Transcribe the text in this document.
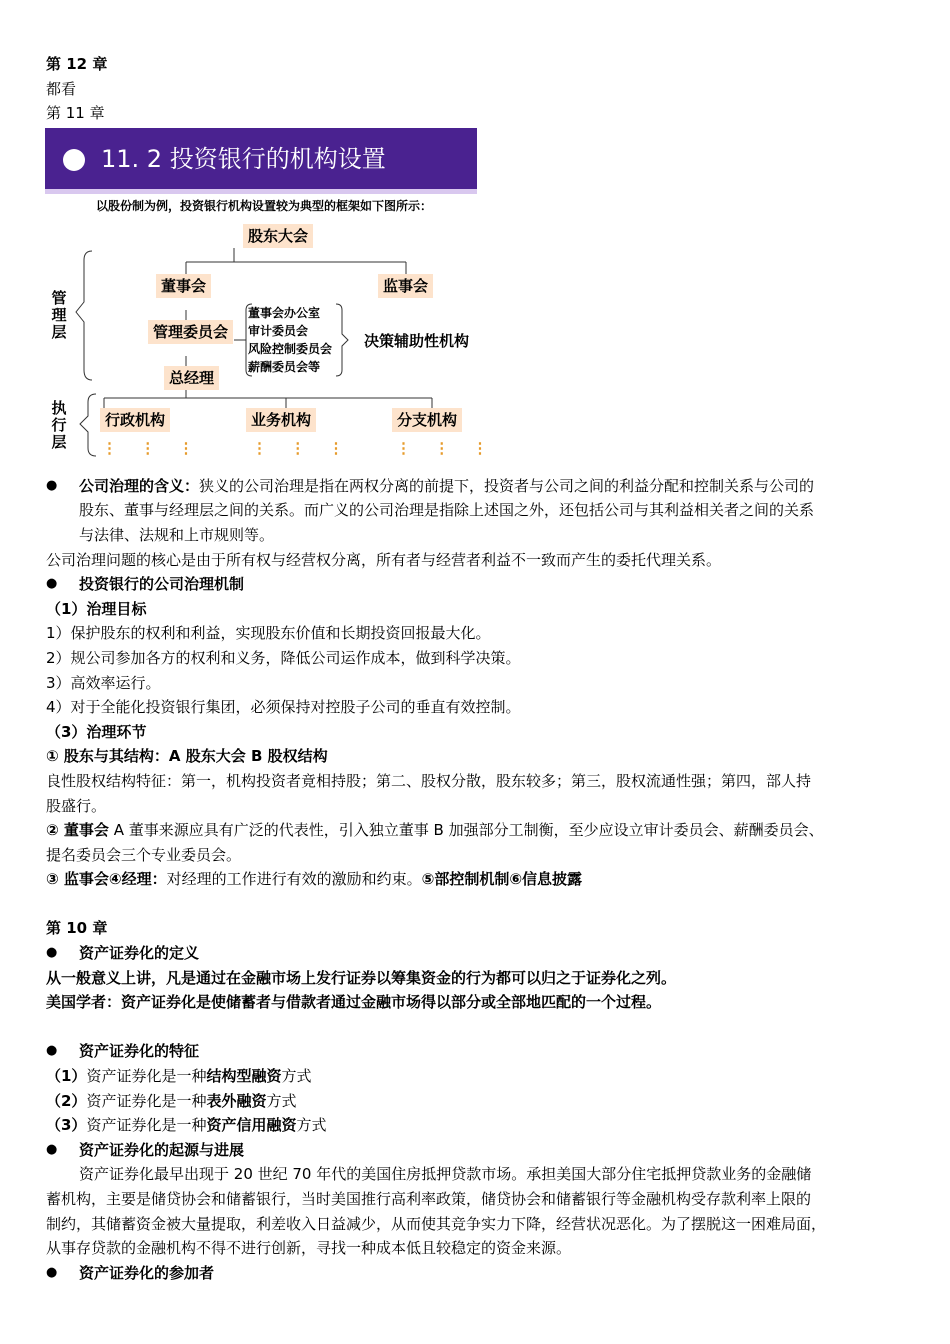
第 12 章
都看
第 11 章
11. 2 投资银行的机构设置
以股份制为例，投资银行机构设置较为典型的框架如下图所示：
股东大会
董事会	监事会
管理委员会
董事会办公室
审计委员会
风险控制委员会
薪酬委员会等
决策辅助性机构
总经理
行政机构	业务机构	分支机构
管理层
执行层 ⋮ ⋮ ⋮	⋮ ⋮ ⋮	⋮ ⋮ ⋮
● 公司治理的含义：狭义的公司治理是指在两权分离的前提下，投资者与公司之间的利益分配和控制关系与公司的
股东、董事与经理层之间的关系。而广义的公司治理是指除上述国之外，还包括公司与其利益相关者之间的关系
与法律、法规和上市规则等。
公司治理问题的核心是由于所有权与经营权分离，所有者与经营者利益不一致而产生的委托代理关系。
● 投资银行的公司治理机制
（1）治理目标
1）保护股东的权利和利益，实现股东价值和长期投资回报最大化。
2）规公司参加各方的权利和义务，降低公司运作成本，做到科学决策。
3）高效率运行。
4）对于全能化投资银行集团，必须保持对控股子公司的垂直有效控制。
（3）治理环节
① 股东与其结构：A 股东大会 B 股权结构
良性股权结构特征：第一，机构投资者竟相持股；第二、股权分散，股东较多；第三，股权流通性强；第四，部人持
股盛行。
② 董事会 A 董事来源应具有广泛的代表性，引入独立董事 B 加强部分工制衡，至少应设立审计委员会、薪酬委员会、
提名委员会三个专业委员会。
③ 监事会④经理：对经理的工作进行有效的激励和约束。⑤部控制机制⑥信息披露
第 10 章
● 资产证券化的定义
从一般意义上讲，凡是通过在金融市场上发行证券以筹集资金的行为都可以归之于证券化之列。
美国学者：资产证券化是使储蓄者与借款者通过金融市场得以部分或全部地匹配的一个过程。
● 资产证券化的特征
（1）资产证券化是一种结构型融资方式
（2）资产证券化是一种表外融资方式
（3）资产证券化是一种资产信用融资方式
● 资产证券化的起源与进展
资产证券化最早出现于 20 世纪 70 年代的美国住房抵押贷款市场。承担美国大部分住宅抵押贷款业务的金融储
蓄机构，主要是储贷协会和储蓄银行，当时美国推行高利率政策，储贷协会和储蓄银行等金融机构受存款利率上限的
制约，其储蓄资金被大量提取，利差收入日益减少，从而使其竞争实力下降，经营状况恶化。为了摆脱这一困难局面，
从事存贷款的金融机构不得不进行创新，寻找一种成本低且较稳定的资金来源。
● 资产证券化的参加者
